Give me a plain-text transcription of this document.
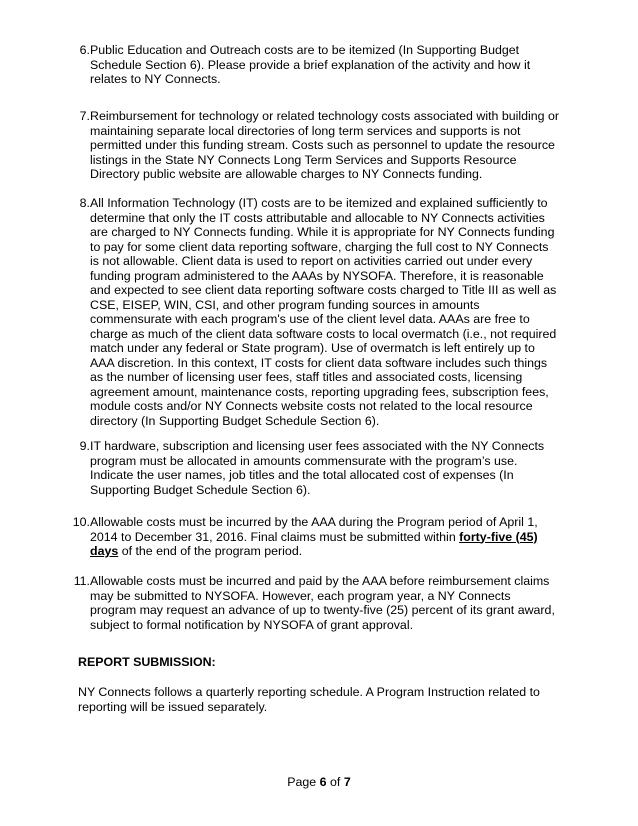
6. Public Education and Outreach costs are to be itemized (In Supporting Budget
Schedule Section 6). Please provide a brief explanation of the activity and how it
relates to NY Connects.
7. Reimbursement for technology or related technology costs associated with building or
maintaining separate local directories of long term services and supports is not
permitted under this funding stream. Costs such as personnel to update the resource
listings in the State NY Connects Long Term Services and Supports Resource
Directory public website are allowable charges to NY Connects funding.
8. All Information Technology (IT) costs are to be itemized and explained sufficiently to
determine that only the IT costs attributable and allocable to NY Connects activities
are charged to NY Connects funding. While it is appropriate for NY Connects funding
to pay for some client data reporting software, charging the full cost to NY Connects
is not allowable. Client data is used to report on activities carried out under every
funding program administered to the AAAs by NYSOFA. Therefore, it is reasonable
and expected to see client data reporting software costs charged to Title III as well as
CSE, EISEP, WIN, CSI, and other program funding sources in amounts
commensurate with each program's use of the client level data. AAAs are free to
charge as much of the client data software costs to local overmatch (i.e., not required
match under any federal or State program). Use of overmatch is left entirely up to
AAA discretion. In this context, IT costs for client data software includes such things
as the number of licensing user fees, staff titles and associated costs, licensing
agreement amount, maintenance costs, reporting upgrading fees, subscription fees,
module costs and/or NY Connects website costs not related to the local resource
directory (In Supporting Budget Schedule Section 6).
9. IT hardware, subscription and licensing user fees associated with the NY Connects
program must be allocated in amounts commensurate with the program’s use.
Indicate the user names, job titles and the total allocated cost of expenses (In
Supporting Budget Schedule Section 6).
10. Allowable costs must be incurred by the AAA during the Program period of April 1,
2014 to December 31, 2016. Final claims must be submitted within forty-five (45)
days of the end of the program period.
11. Allowable costs must be incurred and paid by the AAA before reimbursement claims
may be submitted to NYSOFA. However, each program year, a NY Connects
program may request an advance of up to twenty-five (25) percent of its grant award,
subject to formal notification by NYSOFA of grant approval.
REPORT SUBMISSION:
NY Connects follows a quarterly reporting schedule. A Program Instruction related to
reporting will be issued separately.
Page 6 of 7
